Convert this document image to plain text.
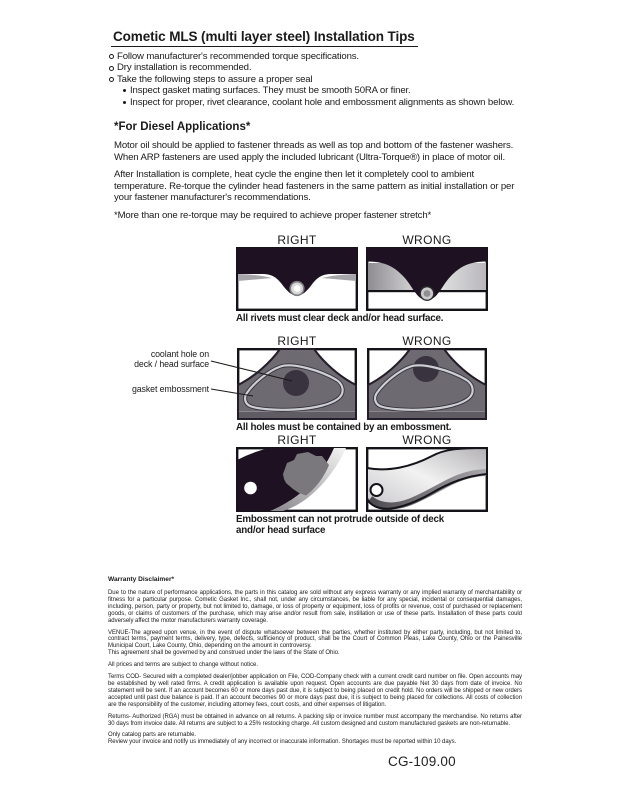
Cometic MLS (multi layer steel) Installation Tips
Follow manufacturer's recommended torque specifications.
Dry installation is recommended.
Take the following steps to assure a proper seal
Inspect gasket mating surfaces. They must be smooth 50RA or finer.
Inspect for proper, rivet clearance, coolant hole and embossment alignments as shown below.
*For Diesel Applications*

Motor oil should be applied to fastener threads as well as top and bottom of the fastener washers. When ARP fasteners are used apply the included lubricant (Ultra-Torque®) in place of motor oil.

After Installation is complete, heat cycle the engine then let it completely cool to ambient temperature. Re-torque the cylinder head fasteners in the same pattern as initial installation or per your fastener manufacturer's recommendations.

*More than one re-torque may be required to achieve proper fastener stretch*

RIGHT	WRONG
All rivets must clear deck and/or head surface.
RIGHT	WRONG
coolant hole on
deck / head surface
gasket embossment
All holes must be contained by an embossment.
RIGHT	WRONG
Embossment can not protrude outside of deck
and/or head surface
Warranty Disclaimer*

Due to the nature of performance applications, the parts in this catalog are sold without any express warranty or any implied warranty of merchantability or fitness for a particular purpose. Cometic Gasket Inc., shall not, under any circumstances, be liable for any special, incidental or consequential damages, including, person, party or property, but not limited to, damage, or loss of property or equipment, loss of profits or revenue, cost of purchased or replacement goods, or claims of customers of the purchase, which may arise and/or result from sale, instillation or use of these parts. Installation of these parts could adversely affect the motor manufacturers warranty coverage.

VENUE-The agreed upon venue, in the event of dispute whatsoever between the parties, whether instituted by either party, including, but not limited to, contract terms, payment terms, delivery, type, defects, sufficiency of product, shall be the Court of Common Pleas, Lake County, Ohio or the Painesville Municipal Court, Lake County, Ohio, depending on the amount in controversy.

This agreement shall be governed by and construed under the laws of the State of Ohio.

All prices and terms are subject to change without notice.

Terms COD- Secured with a completed dealer/jobber application on File, COD-Company check with a current credit card number on file. Open accounts may be established by well rated firms. A credit application is available upon request. Open accounts are due payable Net 30 days from date of invoice. No statement will be sent. If an account becomes 60 or more days past due, it is subject to being placed on credit hold. No orders will be shipped or new orders accepted until past due balance is paid. If an account becomes 90 or more days past due, it is subject to being placed for collections. All costs of collection are the responsibility of the customer, including attorney fees, court costs, and other expenses of litigation.

Returns- Authorized (RGA) must be obtained in advance on all returns. A packing slip or invoice number must accompany the merchandise. No returns after 30 days from invoice date. All returns are subject to a 25% restocking charge. All custom designed and custom manufactured gaskets are non-returnable.

Only catalog parts are returnable.

Review your invoice and notify us immediately of any incorrect or inaccurate information. Shortages must be reported within 10 days.

CG-109.00
